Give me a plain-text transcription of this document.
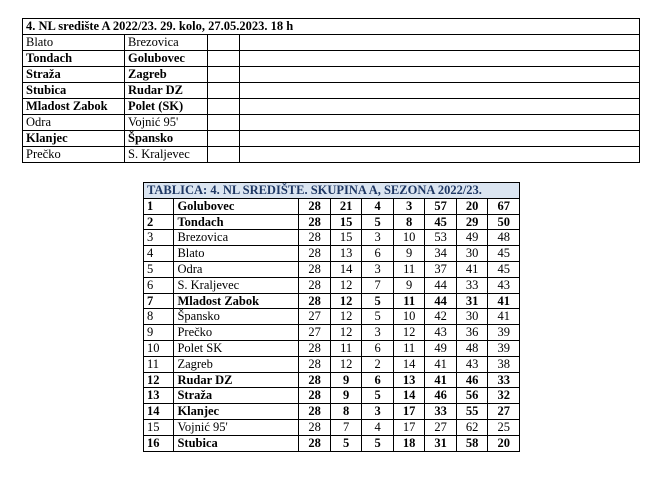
4. NL središte A 2022/23. 29. kolo, 27.05.2023. 18 h			
Blato	Brezovica		
Tondach	Golubovec		
Straža	Zagreb		
Stubica	Rudar DZ		
Mladost Zabok	Polet (SK)		
Odra	Vojnić 95'		
Klanjec	Špansko		
Prečko	S. Kraljevec		
TABLICA: 4. NL SREDIŠTE. SKUPINA A, SEZONA 2022/23.								
1	Golubovec	28	21	4	3	57	20	67
2	Tondach	28	15	5	8	45	29	50
3	Brezovica	28	15	3	10	53	49	48
4	Blato	28	13	6	9	34	30	45
5	Odra	28	14	3	11	37	41	45
6	S. Kraljevec	28	12	7	9	44	33	43
7	Mladost Zabok	28	12	5	11	44	31	41
8	Špansko	27	12	5	10	42	30	41
9	Prečko	27	12	3	12	43	36	39
10	Polet SK	28	11	6	11	49	48	39
11	Zagreb	28	12	2	14	41	43	38
12	Rudar DZ	28	9	6	13	41	46	33
13	Straža	28	9	5	14	46	56	32
14	Klanjec	28	8	3	17	33	55	27
15	Vojnić 95'	28	7	4	17	27	62	25
16	Stubica	28	5	5	18	31	58	20
